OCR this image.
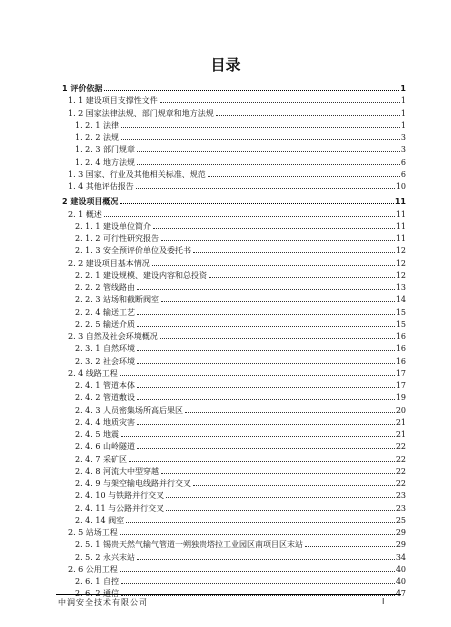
目录
1 评价依据	1
1. 1 建设项目支撑性文件	1
1. 2 国家法律法规、部门规章和地方法规	1
1. 2. 1 法律	1
1. 2. 2 法规	3
1. 2. 3 部门规章	3
1. 2. 4 地方法规	6
1. 3 国家、行业及其他相关标准、规范	6
1. 4 其他评估报告	10
2 建设项目概况	11
2. 1 概述	11
2. 1. 1 建设单位简介	11
2. 1. 2 可行性研究报告	11
2. 1. 3 安全预评价单位及委托书	12
2. 2 建设项目基本情况	12
2. 2. 1 建设规模、建设内容和总投资	12
2. 2. 2 管线路由	13
2. 2. 3 站场和截断阀室	14
2. 2. 4 输送工艺	15
2. 2. 5 输送介质	15
2. 3 自然及社会环境概况	16
2. 3. 1 自然环境	16
2. 3. 2 社会环境	16
2. 4 线路工程	17
2. 4. 1 管道本体	17
2. 4. 2 管道敷设	19
2. 4. 3 人员密集场所高后果区	20
2. 4. 4 地质灾害	21
2. 4. 5 地震	21
2. 4. 6 山岭隧道	22
2. 4. 7 采矿区	22
2. 4. 8 河流大中型穿越	22
2. 4. 9 与架空输电线路并行交叉	22
2. 4. 10 与铁路并行交叉	23
2. 4. 11 与公路并行交叉	23
2. 4. 14 阀室	25
2. 5 站场工程	29
2. 5. 1 锡贵天然气输气管道一朔独贵塔拉工业园区南项目区末站	29
2. 5. 2 永兴末站	34
2. 6 公用工程	40
2. 6. 1 自控	40
2. 6. 2 通信	47
中润安全技术有限公司	I
